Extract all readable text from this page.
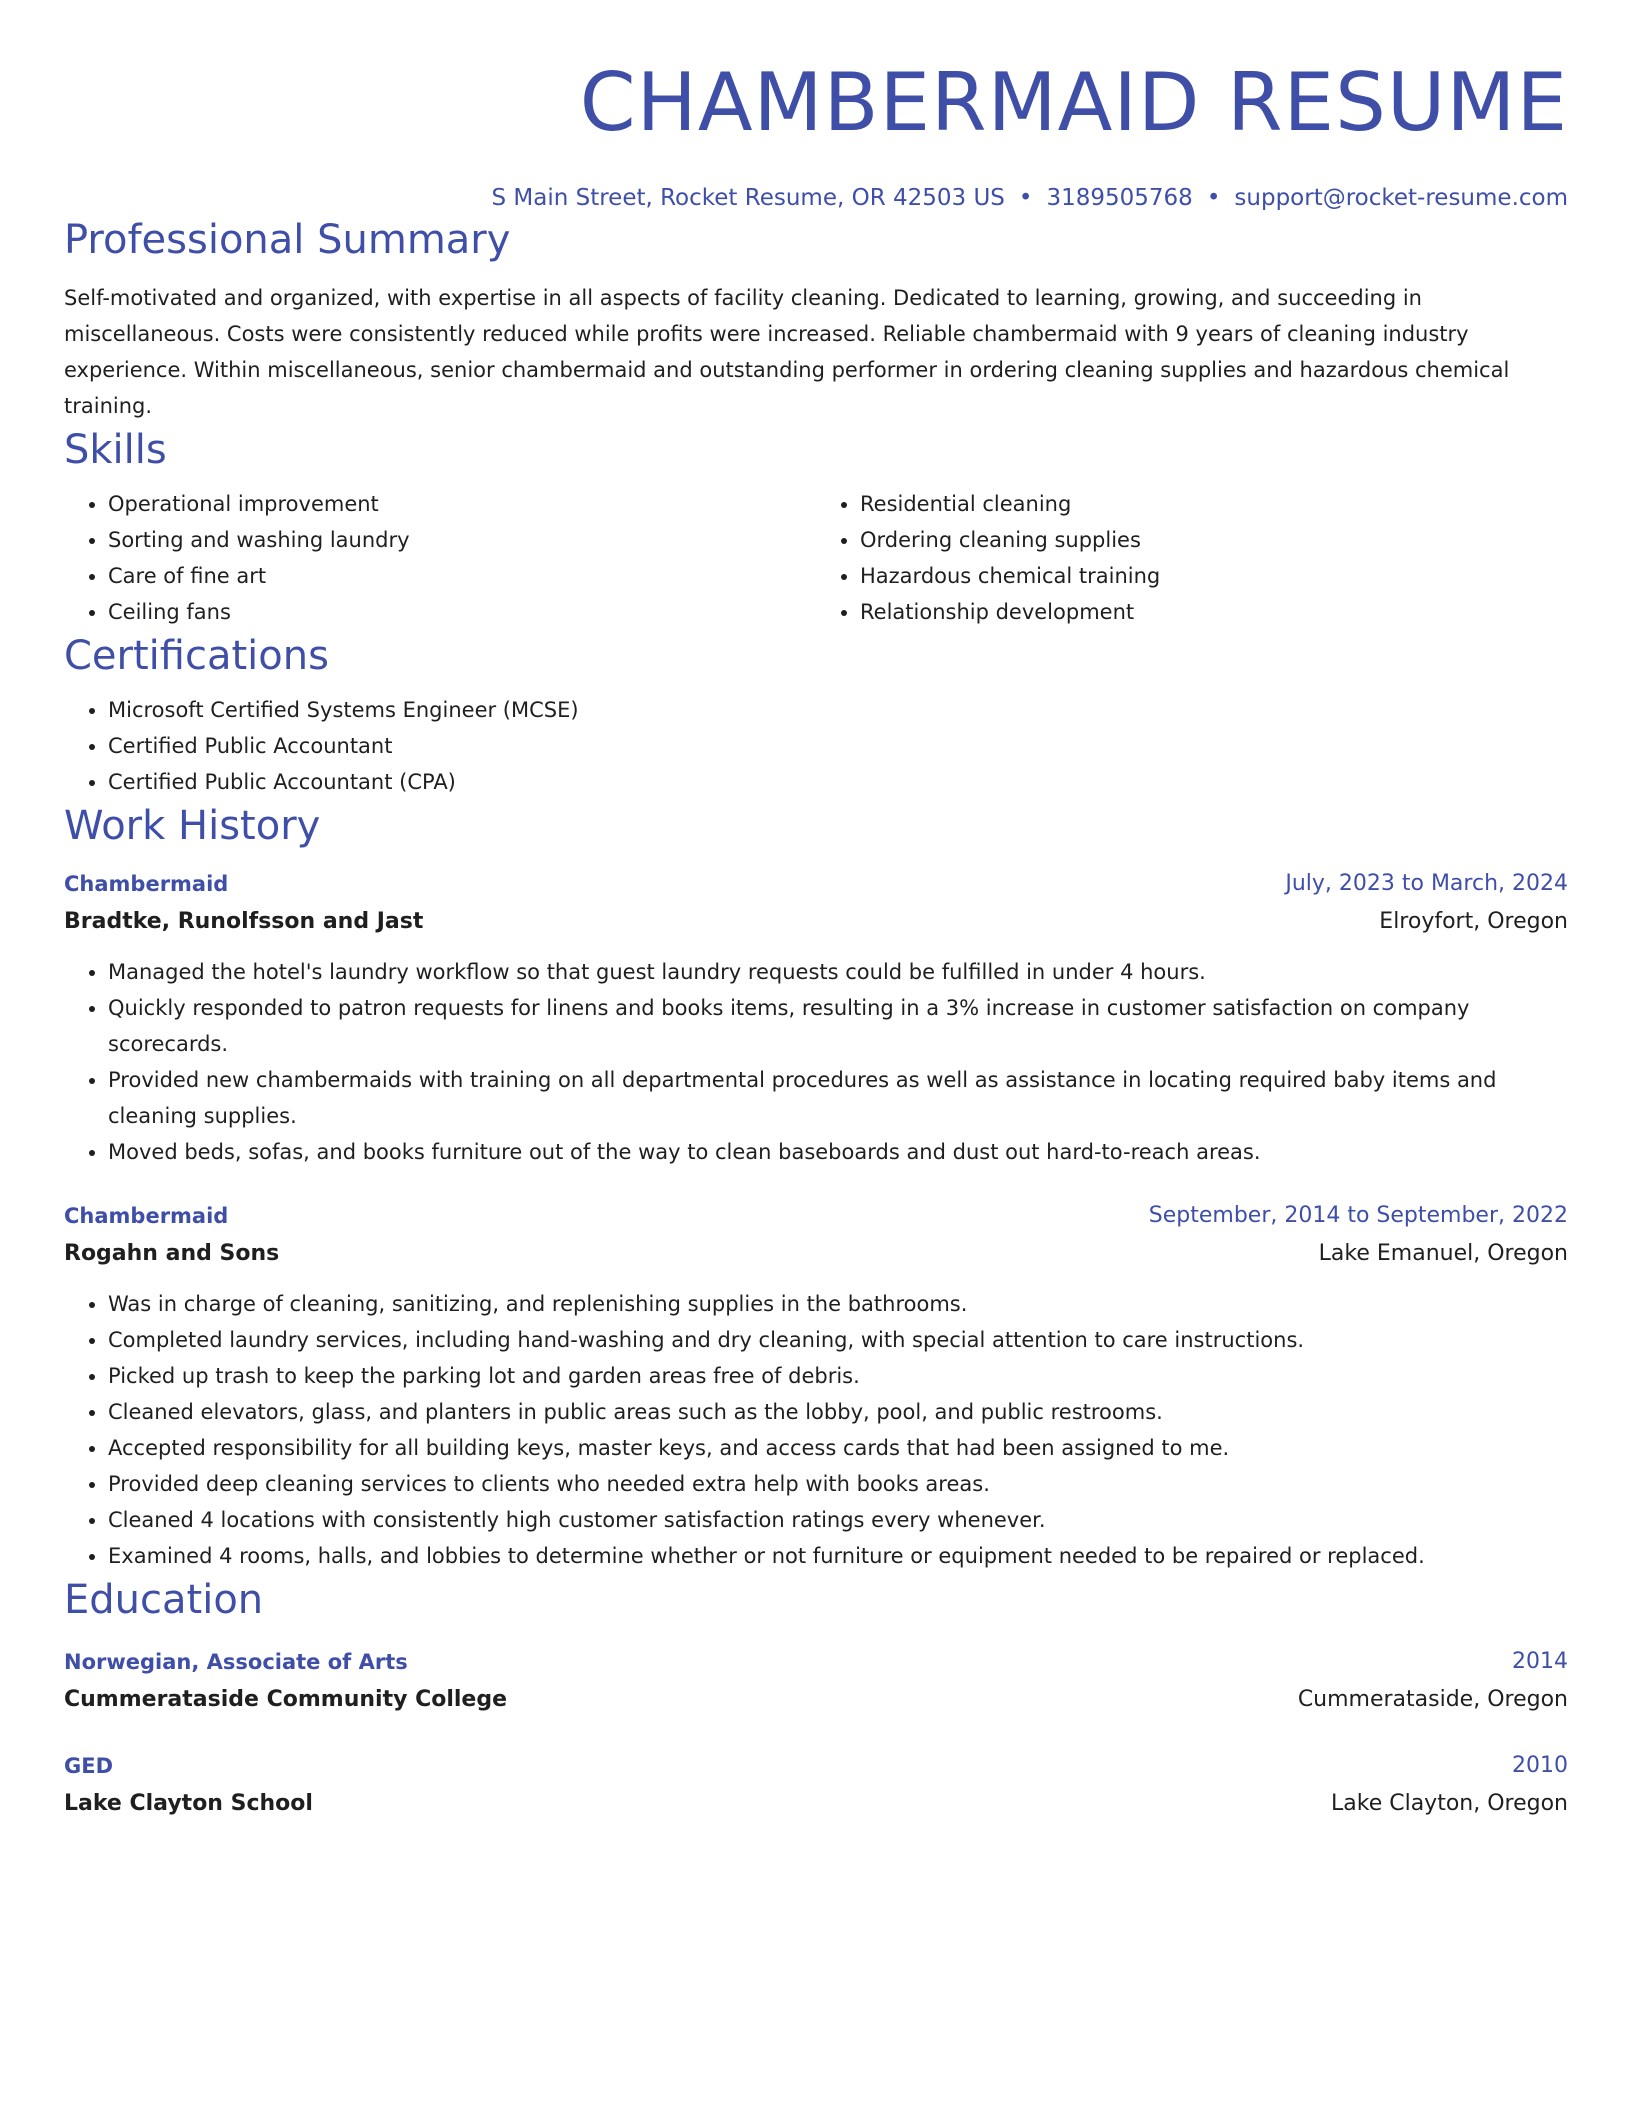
CHAMBERMAID RESUME
S Main Street, Rocket Resume, OR 42503 US • 3189505768 • support@rocket-resume.com
Professional Summary

Self-motivated and organized, with expertise in all aspects of facility cleaning. Dedicated to learning, growing, and succeeding in miscellaneous. Costs were consistently reduced while profits were increased. Reliable chambermaid with 9 years of cleaning industry experience. Within miscellaneous, senior chambermaid and outstanding performer in ordering cleaning supplies and hazardous chemical training.

Skills
• Operational improvement
• Sorting and washing laundry
• Care of fine art
• Ceiling fans
• Residential cleaning
• Ordering cleaning supplies
• Hazardous chemical training
• Relationship development
Certifications
• Microsoft Certified Systems Engineer (MCSE)
• Certified Public Accountant
• Certified Public Accountant (CPA)
Work History
Chambermaid	July, 2023 to March, 2024
Bradtke, Runolfsson and Jast	Elroyfort, Oregon
• Managed the hotel's laundry workflow so that guest laundry requests could be fulfilled in under 4 hours.
• Quickly responded to patron requests for linens and books items, resulting in a 3% increase in customer satisfaction on company scorecards.
• Provided new chambermaids with training on all departmental procedures as well as assistance in locating required baby items and cleaning supplies.
• Moved beds, sofas, and books furniture out of the way to clean baseboards and dust out hard-to-reach areas.
Chambermaid	September, 2014 to September, 2022
Rogahn and Sons	Lake Emanuel, Oregon
• Was in charge of cleaning, sanitizing, and replenishing supplies in the bathrooms.
• Completed laundry services, including hand-washing and dry cleaning, with special attention to care instructions.
• Picked up trash to keep the parking lot and garden areas free of debris.
• Cleaned elevators, glass, and planters in public areas such as the lobby, pool, and public restrooms.
• Accepted responsibility for all building keys, master keys, and access cards that had been assigned to me.
• Provided deep cleaning services to clients who needed extra help with books areas.
• Cleaned 4 locations with consistently high customer satisfaction ratings every whenever.
• Examined 4 rooms, halls, and lobbies to determine whether or not furniture or equipment needed to be repaired or replaced.
Education
Norwegian, Associate of Arts	2014
Cummerataside Community College	Cummerataside, Oregon
GED	2010
Lake Clayton School	Lake Clayton, Oregon
